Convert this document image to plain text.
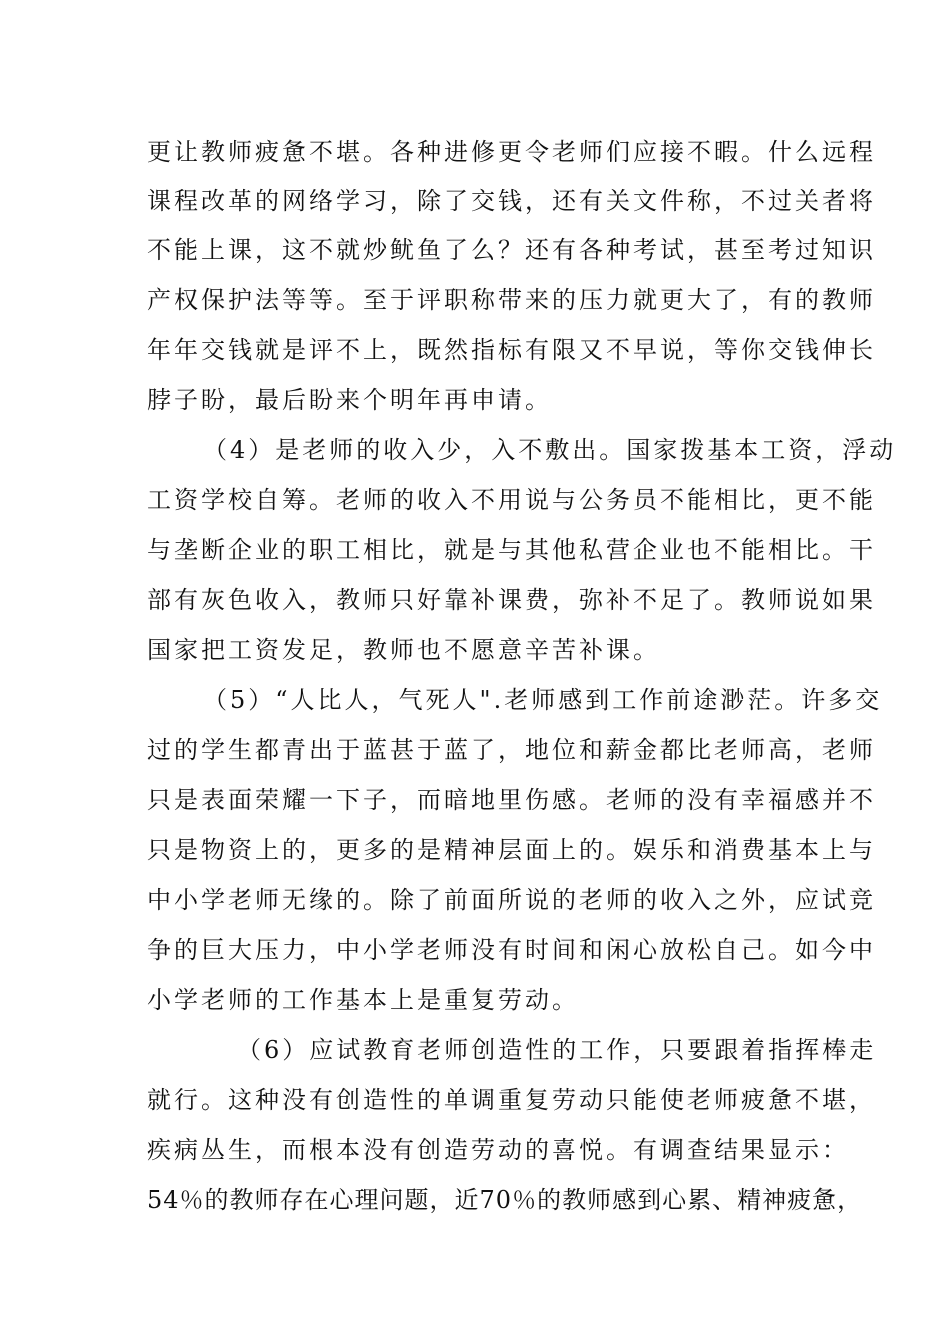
更让教师疲惫不堪。各种进修更令老师们应接不暇。什么远程
课程改革的网络学习，除了交钱，还有关文件称，不过关者将
不能上课，这不就炒鱿鱼了么？还有各种考试，甚至考过知识
产权保护法等等。至于评职称带来的压力就更大了，有的教师
年年交钱就是评不上，既然指标有限又不早说，等你交钱伸长
脖子盼，最后盼来个明年再申请。
（4）是老师的收入少，入不敷出。国家拨基本工资，浮动
工资学校自筹。老师的收入不用说与公务员不能相比，更不能
与垄断企业的职工相比，就是与其他私营企业也不能相比。干
部有灰色收入，教师只好靠补课费，弥补不足了。教师说如果
国家把工资发足，教师也不愿意辛苦补课。
（5）“人比人，气死人".老师感到工作前途渺茫。许多交
过的学生都青出于蓝甚于蓝了，地位和薪金都比老师高，老师
只是表面荣耀一下子，而暗地里伤感。老师的没有幸福感并不
只是物资上的，更多的是精神层面上的。娱乐和消费基本上与
中小学老师无缘的。除了前面所说的老师的收入之外，应试竞
争的巨大压力，中小学老师没有时间和闲心放松自己。如今中
小学老师的工作基本上是重复劳动。
（6）应试教育老师创造性的工作，只要跟着指挥棒走
就行。这种没有创造性的单调重复劳动只能使老师疲惫不堪，
疾病丛生，而根本没有创造劳动的喜悦。有调查结果显示：
54％的教师存在心理问题，近70％的教师感到心累、精神疲惫，
